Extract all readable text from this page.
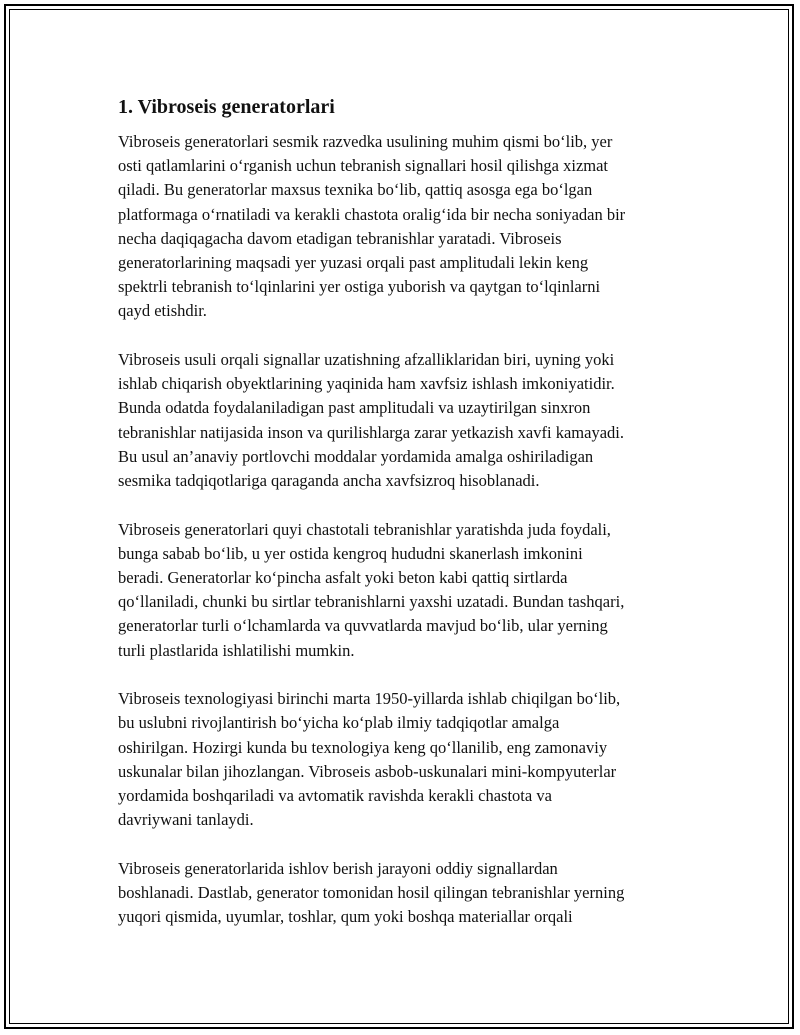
1. Vibroseis generatorlari

Vibroseis generatorlari sesmik razvedka usulining muhim qismi bo‘lib, yer
osti qatlamlarini o‘rganish uchun tebranish signallari hosil qilishga xizmat
qiladi. Bu generatorlar maxsus texnika bo‘lib, qattiq asosga ega bo‘lgan
platformaga o‘rnatiladi va kerakli chastota oralig‘ida bir necha soniyadan bir
necha daqiqagacha davom etadigan tebranishlar yaratadi. Vibroseis
generatorlarining maqsadi yer yuzasi orqali past amplitudali lekin keng
spektrli tebranish to‘lqinlarini yer ostiga yuborish va qaytgan to‘lqinlarni
qayd etishdir.

Vibroseis usuli orqali signallar uzatishning afzalliklaridan biri, uyning yoki
ishlab chiqarish obyektlarining yaqinida ham xavfsiz ishlash imkoniyatidir.
Bunda odatda foydalaniladigan past amplitudali va uzaytirilgan sinxron
tebranishlar natijasida inson va qurilishlarga zarar yetkazish xavfi kamayadi.
Bu usul an’anaviy portlovchi moddalar yordamida amalga oshiriladigan
sesmika tadqiqotlariga qaraganda ancha xavfsizroq hisoblanadi.

Vibroseis generatorlari quyi chastotali tebranishlar yaratishda juda foydali,
bunga sabab bo‘lib, u yer ostida kengroq hududni skanerlash imkonini
beradi. Generatorlar ko‘pincha asfalt yoki beton kabi qattiq sirtlarda
qo‘llaniladi, chunki bu sirtlar tebranishlarni yaxshi uzatadi. Bundan tashqari,
generatorlar turli o‘lchamlarda va quvvatlarda mavjud bo‘lib, ular yerning
turli plastlarida ishlatilishi mumkin.

Vibroseis texnologiyasi birinchi marta 1950-yillarda ishlab chiqilgan bo‘lib,
bu uslubni rivojlantirish bo‘yicha ko‘plab ilmiy tadqiqotlar amalga
oshirilgan. Hozirgi kunda bu texnologiya keng qo‘llanilib, eng zamonaviy
uskunalar bilan jihozlangan. Vibroseis asbob-uskunalari mini-kompyuterlar
yordamida boshqariladi va avtomatik ravishda kerakli chastota va
davriywani tanlaydi.

Vibroseis generatorlarida ishlov berish jarayoni oddiy signallardan
boshlanadi. Dastlab, generator tomonidan hosil qilingan tebranishlar yerning
yuqori qismida, uyumlar, toshlar, qum yoki boshqa materiallar orqali
